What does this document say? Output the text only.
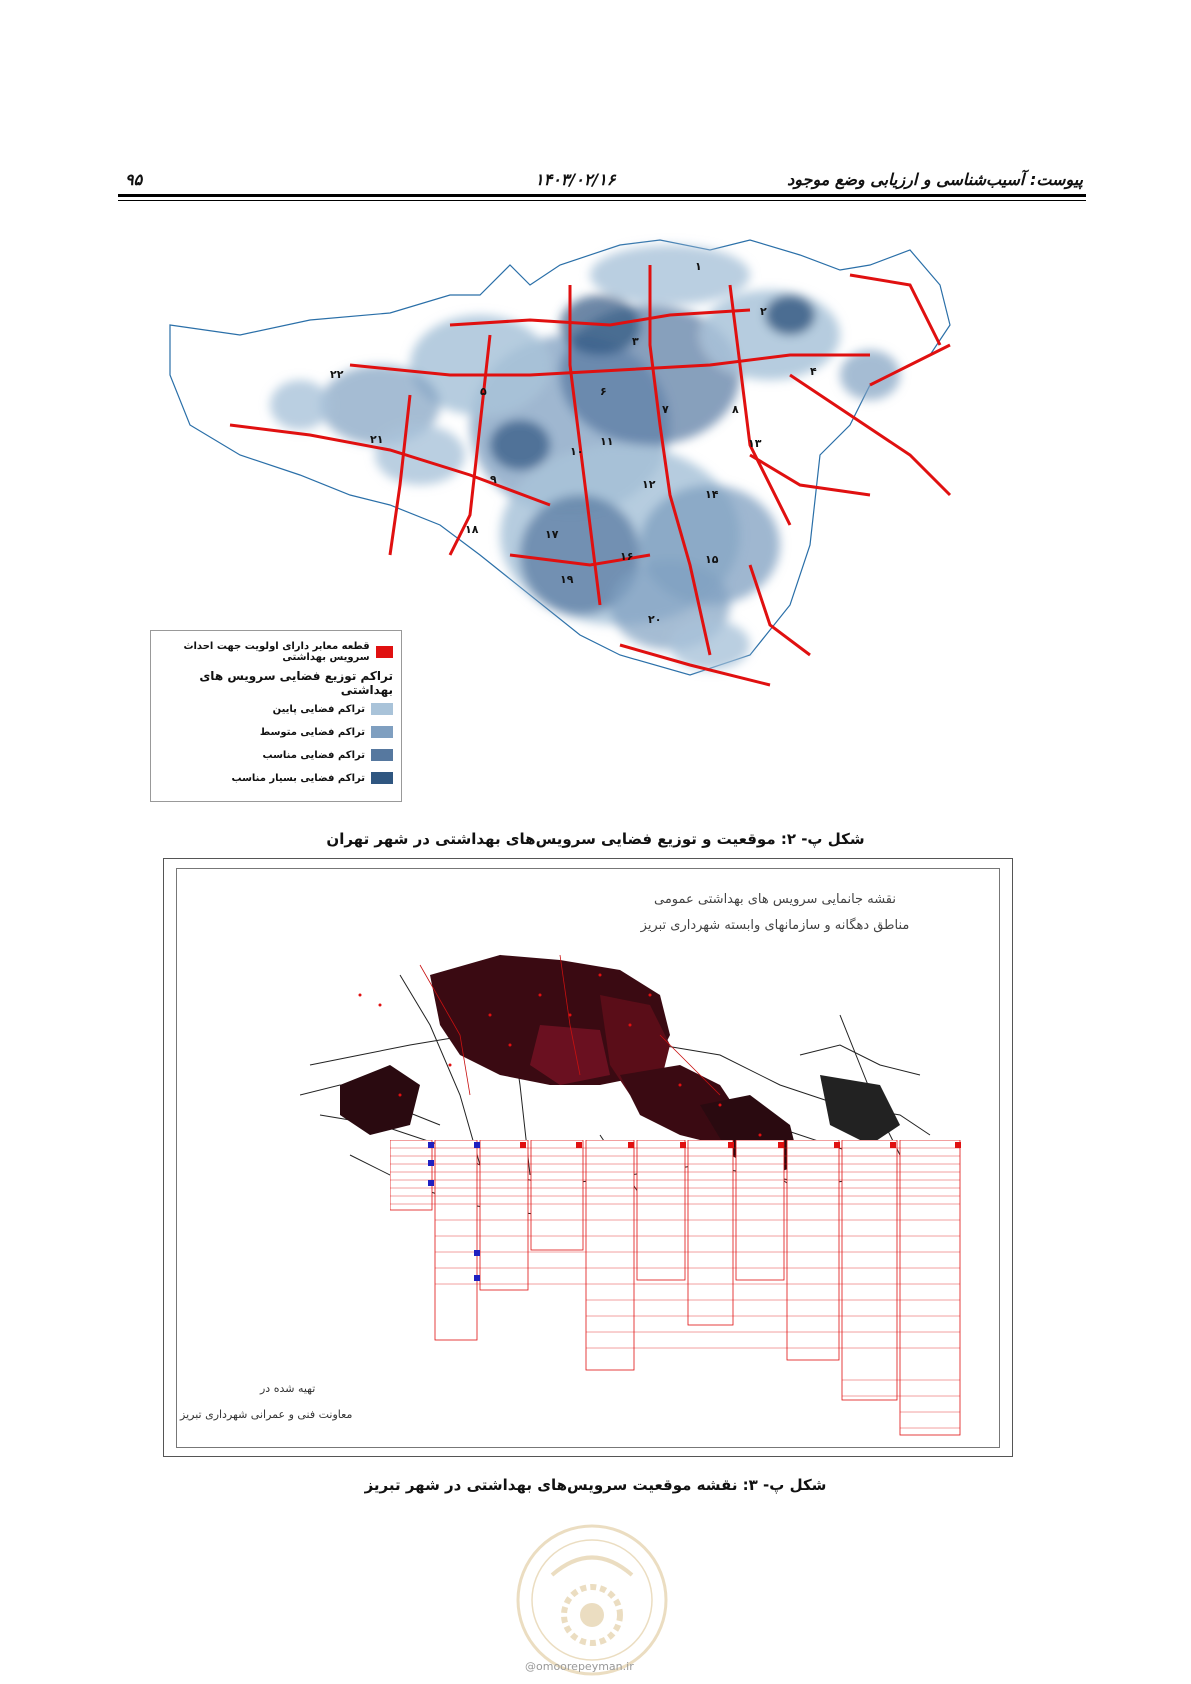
پیوست: آسیب‌شناسی و ارزیابی وضع موجود
۱۴۰۳/۰۲/۱۶
۹۵
۲۲
۲۱
۹
۱۸	۱۷
۱۹
۱۶
۲۰
۱۵
۱۴
۱۲
۱۳
۸
۷
۳
۶
۱۰
۱۱
۲
۵
۴
۱
قطعه معابر دارای اولویت جهت احداث سرویس بهداشتی
تراکم توزیع فضایی سرویس های بهداشتی
تراکم فضایی پایین
تراکم فضایی متوسط
تراکم فضایی مناسب
تراکم فضایی بسیار مناسب
شکل پ- ۲: موقعیت و توزیع فضایی سرویس‌های بهداشتی در شهر تهران
نقشه جانمایی سرویس های بهداشتی عمومی
مناطق دهگانه و سازمانهای وابسته شهرداری تبریز
تهیه شده در
معاونت فنی و عمرانی شهرداری تبریز
شکل پ- ۳: نقشه موقعیت سرویس‌های بهداشتی در شهر تبریز
@omoorepeyman.ir
